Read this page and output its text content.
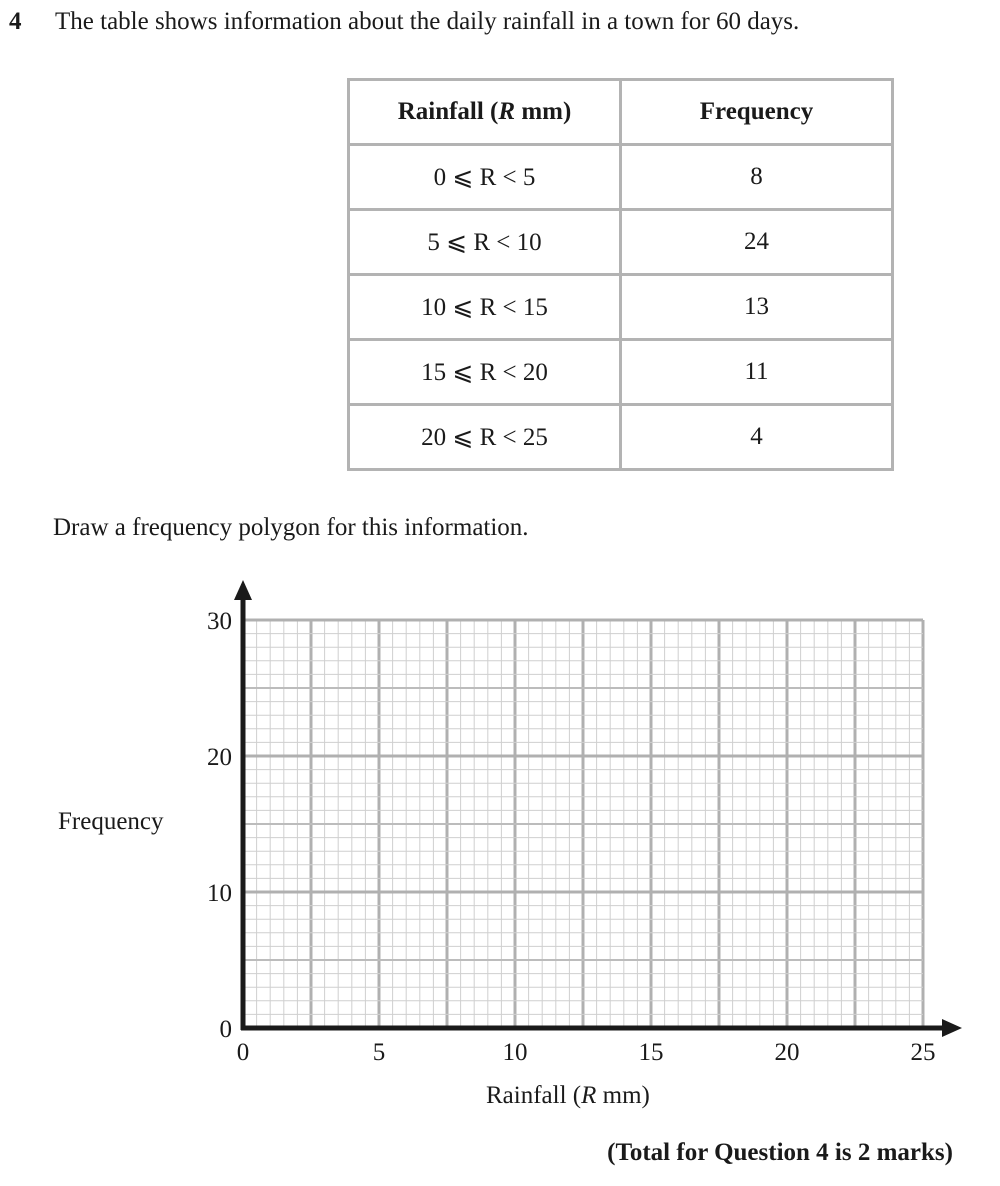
4 The table shows information about the daily rainfall in a town for 60 days.
Rainfall (R mm)	Frequency
0 ⩽ R < 5	8
5 ⩽ R < 10	24
10 ⩽ R < 15	13
15 ⩽ R < 20	11
20 ⩽ R < 25	4
Draw a frequency polygon for this information.
0	5	10	15	20	25
0
10
20
30
Frequency
Rainfall (R mm)
(Total for Question 4 is 2 marks)
